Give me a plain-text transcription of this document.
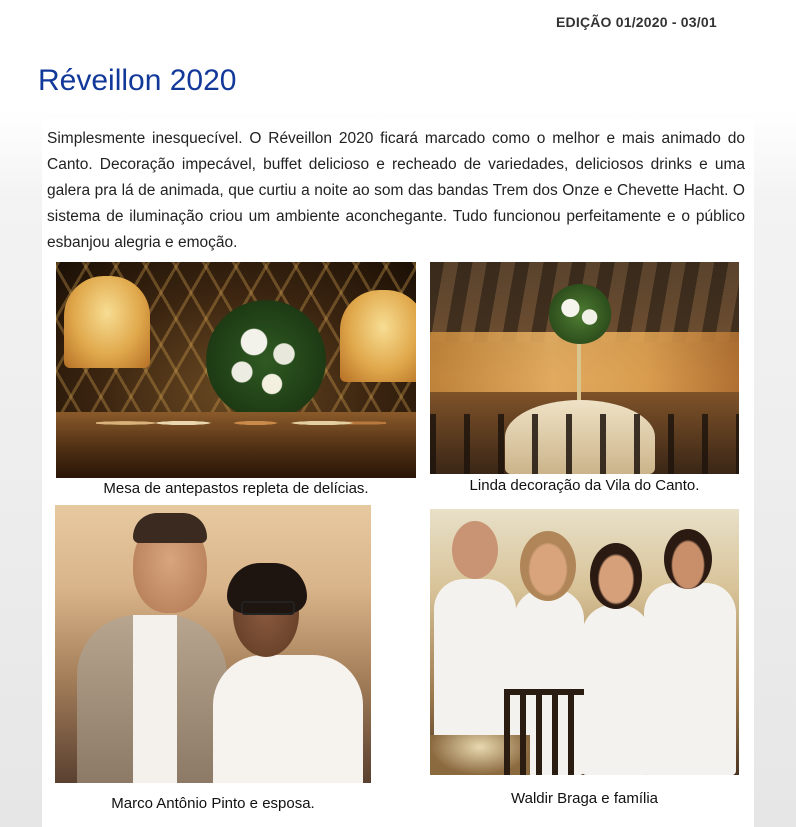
EDIÇÃO 01/2020 - 03/01
Réveillon 2020

Simplesmente inesquecível. O Réveillon 2020 ficará marcado como o melhor e mais animado do Canto. Decoração impecável, buffet delicioso e recheado de variedades, deliciosos drinks e uma galera pra lá de animada, que curtiu a noite ao som das bandas Trem dos Onze e Chevette Hacht. O sistema de iluminação criou um ambiente aconchegante. Tudo funcionou perfeitamente e o público esbanjou alegria e emoção.

Mesa de antepastos repleta de delícias.	Linda decoração da Vila do Canto.
Marco Antônio Pinto e esposa.	Waldir Braga e família
